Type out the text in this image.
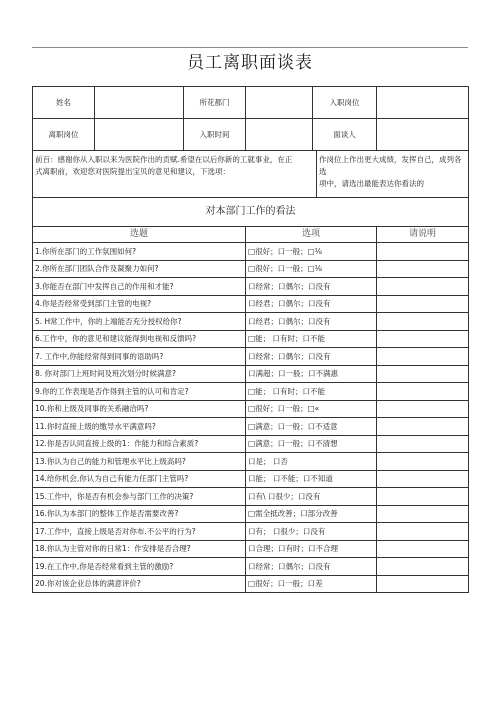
员工离职面谈表
姓名		所花都门		入职岗位	
离职岗位		入职时间		面谈人	

前百：感谢你从入职以来为医院作出的贡赋.希望在以后你新的工就事业，在正
式离职前，欢迎您对医院提出宝贝的意见和建议，下选项：
作岗位上作出更大成绩，发挥自己，成列各选
项中，请选出最能表达你看法的					

对本部门工作的看法					
选题			选项		请说明
1.你所在部门的工作氛围如何?			□很好；口一般；□⅛		
2.你所在部门团队合作及凝聚力如何?			□很好；口一般；□⅛		
3.你能否在部门中发挥自己的作用和才能?			口经常；口偶尔；口没有		
4.你是否经常受到部门主管的电视?			口经君；口偶尔；口没有		
5. H常工作中，你的上端能否充分授权给你?			口经君；口偶尔；口没有		
6.工作中，你的意见和建议能得到电视和反馈吗?			□能； 口有时；口不能		
7. 工作中,你能经常得到同事的语助吗?			口经常；口偶尔；口没有		
8. 你对部门上班时间及班次划分时候满意?			口满超；口一般；口不满惠		
9.你的工作表现是否作得到主管的认可和肯定?			□能； 口有时；口不能		
10.你和上级及同事的关系融洽吗?			□很好；口一般；□«		
11.你时直接上级的缴导水平满意吗?			□满意；口一般；口不适意		
12.你是否认同直接上级的1：作能力和综合素质?			□满意；口一般；口不清想		
13.你认为自己的能力和管理水平比上级高吗?			口是； 口否		
14.给你机会,你认为自己有能力任部门主管吗?			口能； 口不能；口不知道		
15.工作中，你是否有机会参与部门工作的决策?			口有\ 口很少；口没有		
16.你认为本部门的整体工作是否需要改善?			□需全抵改善；口部分改善		
17.工作中，直接上级是否对你布.不公平的行为?			口有； 口很少；口没有		
18.你认为主管对你的日常1：作安排是否合理?			口合理；口有时；口不合理		
19.在工作中,你是否经常看到主管的激励?			口经常；口偶尔；口没有		
20.你对该企业总体的满意评价?			□很好；口一般；口差		
